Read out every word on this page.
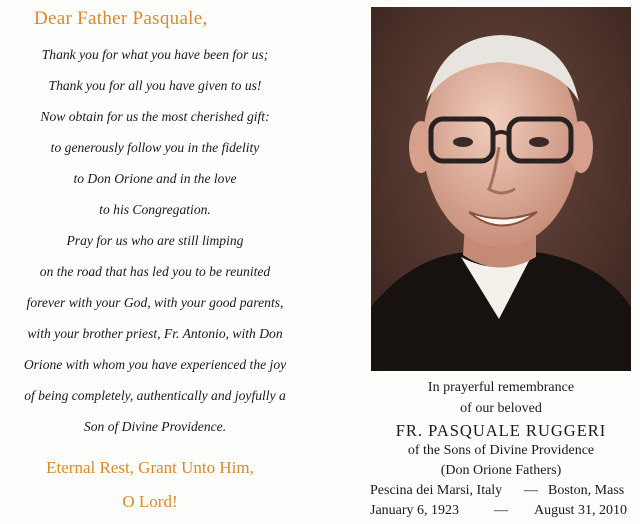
Dear Father Pasquale,
Thank you for what you have been for us;
Thank you for all you have given to us!
Now obtain for us the most cherished gift:
to generously follow you in the fidelity
to Don Orione and in the love
to his Congregation.
Pray for us who are still limping
on the road that has led you to be reunited
forever with your God, with your good parents,
with your brother priest, Fr. Antonio, with Don
Orione with whom you have experienced the joy
of being completely, authentically and joyfully a
Son of Divine Providence.
Eternal Rest, Grant Unto Him,
O Lord!
In prayerful remembrance
of our beloved
FR. PASQUALE RUGGERI
of the Sons of Divine Providence
(Don Orione Fathers)
Pescina dei Marsi, Italy — Boston, Mass
January 6, 1923 — August 31, 2010
